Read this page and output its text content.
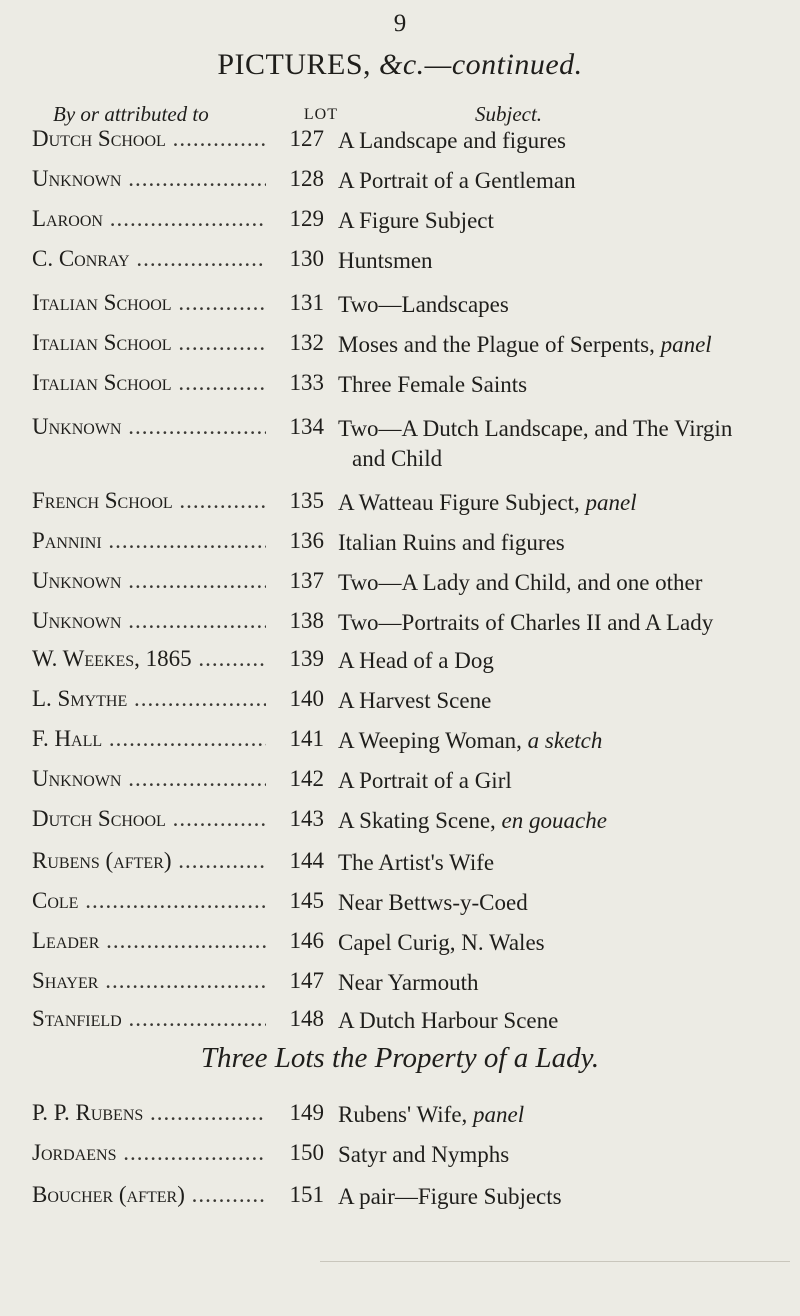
9
PICTURES, &c.—continued.
By or attributed to	LOT	Subject.
Dutch School .....	127 A Landscape and figures
Unknown .....	128 A Portrait of a Gentleman
Laroon .....	129 A Figure Subject
C. Conray .....	130 Huntsmen
Italian School .....	131 Two—Landscapes
Italian School .....	132 Moses and the Plague of Serpents, panel
Italian School .....	133 Three Female Saints
Unknown .....	134 Two—A Dutch Landscape, and The Virgin
and Child
French School .....	135 A Watteau Figure Subject, panel
Pannini .....	136 Italian Ruins and figures
Unknown .....	137 Two—A Lady and Child, and one other
Unknown .....	138 Two—Portraits of Charles II and A Lady
W. Weekes, 1865 .....	139 A Head of a Dog
L. Smythe .....	140 A Harvest Scene
F. Hall .....	141 A Weeping Woman, a sketch
Unknown .....	142 A Portrait of a Girl
Dutch School .....	143 A Skating Scene, en gouache
Rubens (after) .....	144 The Artist's Wife
Cole .....	145 Near Bettws-y-Coed
Leader .....	146 Capel Curig, N. Wales
Shayer .....	147 Near Yarmouth
Stanfield .....	148 A Dutch Harbour Scene
Three Lots the Property of a Lady.
P. P. Rubens .....	149 Rubens' Wife, panel
Jordaens .....	150 Satyr and Nymphs
Boucher (after) .....	151 A pair—Figure Subjects
